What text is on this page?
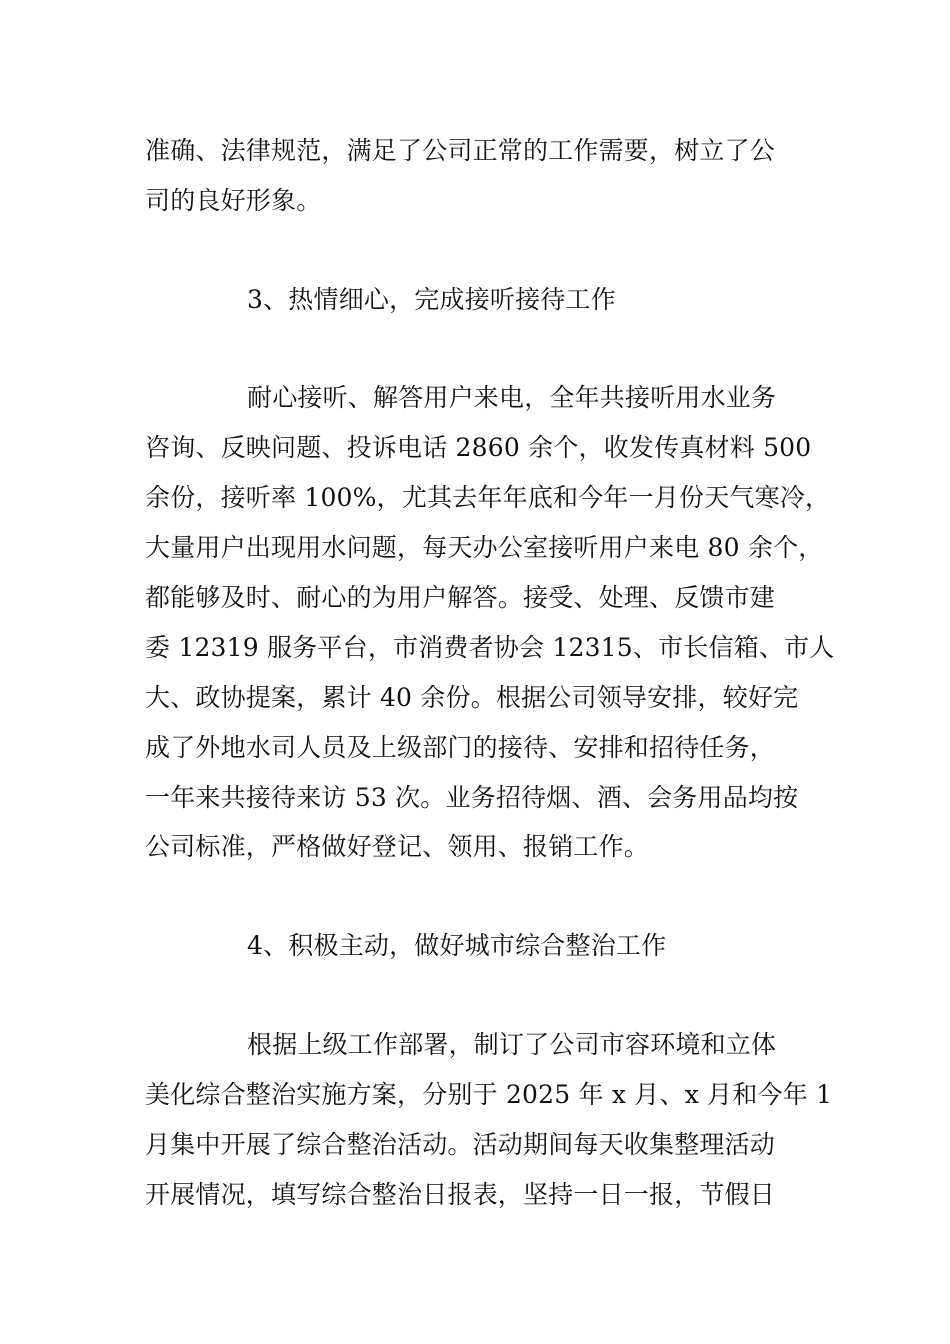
准确、法律规范，满足了公司正常的工作需要，树立了公
司的良好形象。
3、热情细心，完成接听接待工作
耐心接听、解答用户来电，全年共接听用水业务
咨询、反映问题、投诉电话 2860 余个，收发传真材料 500
余份，接听率 100%，尤其去年年底和今年一月份天气寒冷，
大量用户出现用水问题，每天办公室接听用户来电 80 余个，
都能够及时、耐心的为用户解答。接受、处理、反馈市建
委 12319 服务平台，市消费者协会 12315、市长信箱、市人
大、政协提案，累计 40 余份。根据公司领导安排，较好完
成了外地水司人员及上级部门的接待、安排和招待任务，
一年来共接待来访 53 次。业务招待烟、酒、会务用品均按
公司标准，严格做好登记、领用、报销工作。
4、积极主动，做好城市综合整治工作
根据上级工作部署，制订了公司市容环境和立体
美化综合整治实施方案，分别于 2025 年 x 月、x 月和今年 1
月集中开展了综合整治活动。活动期间每天收集整理活动
开展情况，填写综合整治日报表，坚持一日一报，节假日
